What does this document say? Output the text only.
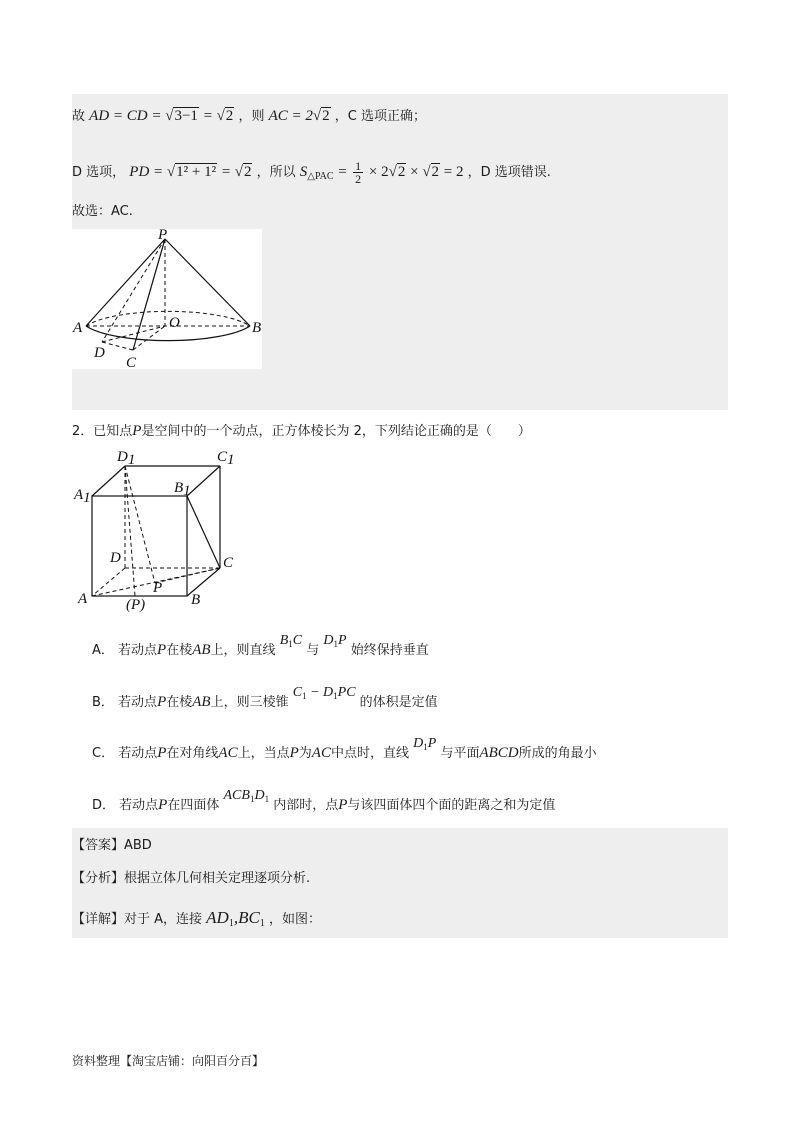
故 AD = CD = √3−1 = √2 ，则 AC = 2√2 ，C 选项正确；
D 选项， PD = √1² + 1² = √2 ，所以 $S_{\triangle PAC} = \frac{1}{2} \times 2√2 \times √2 = 2$ ，D 选项错误.
故选：AC.
P
A	O	B
D
C
2．已知点P是空间中的一个动点，正方体棱长为 2，下列结论正确的是（　　）
D1	C1
A1
B1
D	C
P
A	B
(P)
A． 若动点P在棱AB上，则直线 $B_1C$ 与 $D_1P$ 始终保持垂直
B． 若动点P在棱AB上，则三棱锥 $C_1 - D_1PC$ 的体积是定值
C． 若动点P在对角线AC上，当点P为AC中点时，直线 $D_1P$ 与平面ABCD所成的角最小
D． 若动点P在四面体 $ACB_1D_1$ 内部时，点P与该四面体四个面的距离之和为定值
【答案】ABD
【分析】根据立体几何相关定理逐项分析.
【详解】对于 A，连接 $AD_1,BC_1$ ，如图：
资料整理【淘宝店铺：向阳百分百】
